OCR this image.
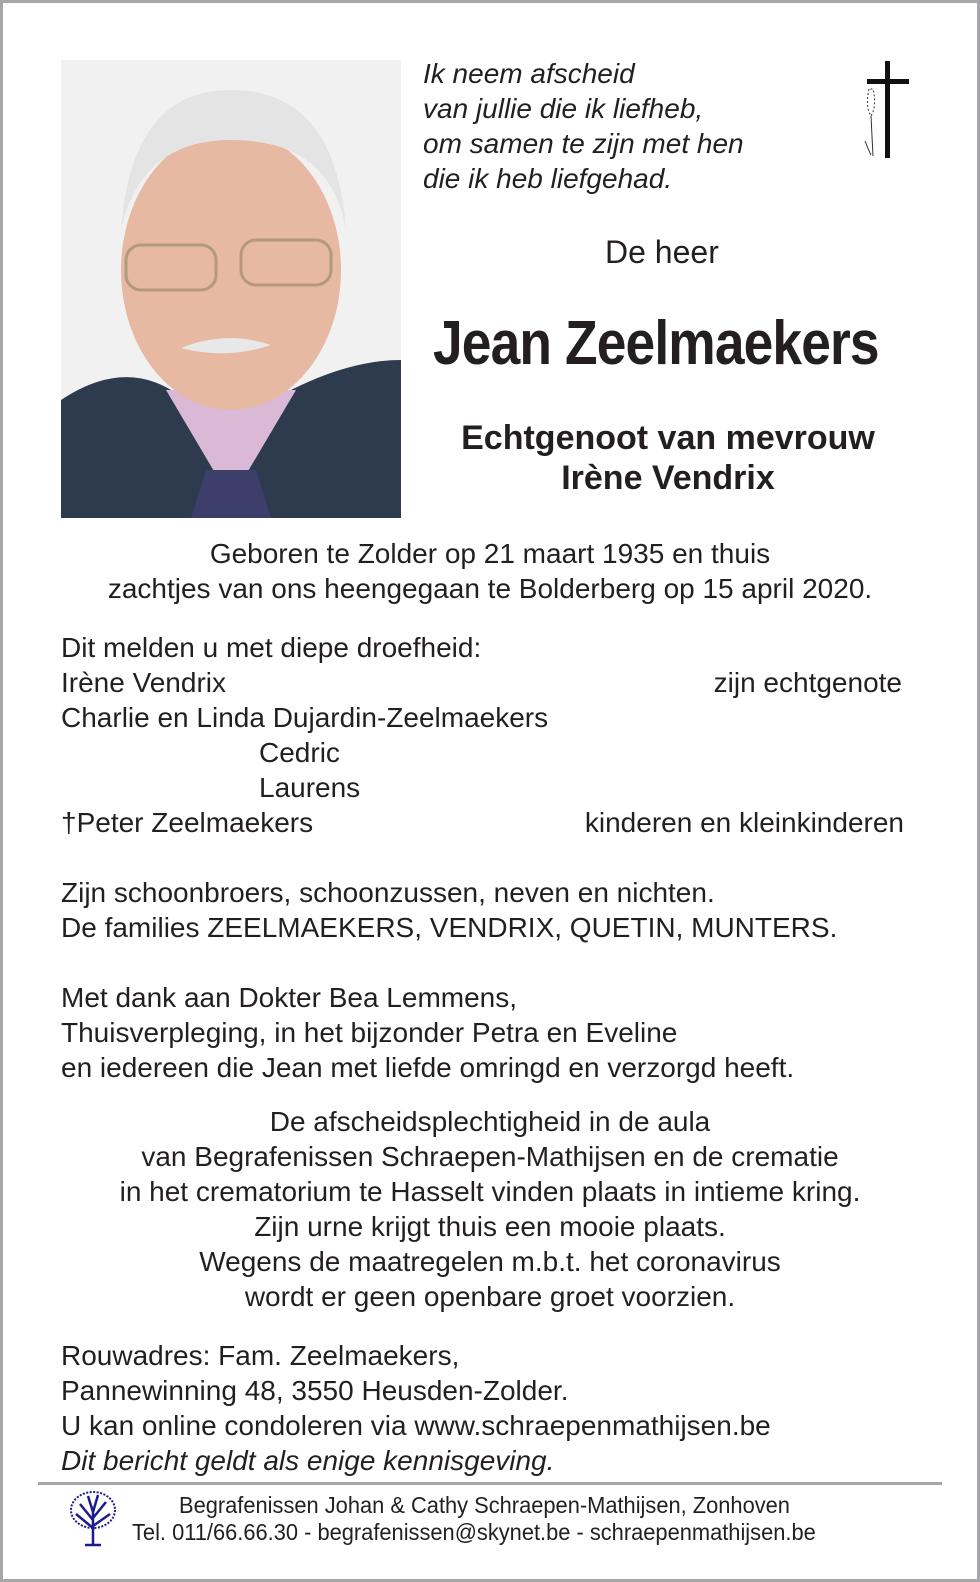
Ik neem afscheid
van jullie die ik liefheb,
om samen te zijn met hen
die ik heb liefgehad.
De heer
Jean Zeelmaekers
Echtgenoot van mevrouw
Irène Vendrix
Geboren te Zolder op 21 maart 1935 en thuis
zachtjes van ons heengegaan te Bolderberg op 15 april 2020.
Dit melden u met diepe droefheid:
Irène Vendrix	zijn echtgenote
Charlie en Linda Dujardin-Zeelmaekers
Cedric
Laurens
†Peter Zeelmaekers	kinderen en kleinkinderen
Zijn schoonbroers, schoonzussen, neven en nichten.
De families ZEELMAEKERS, VENDRIX, QUETIN, MUNTERS.
Met dank aan Dokter Bea Lemmens,
Thuisverpleging, in het bijzonder Petra en Eveline
en iedereen die Jean met liefde omringd en verzorgd heeft.
De afscheidsplechtigheid in de aula
van Begrafenissen Schraepen-Mathijsen en de crematie
in het crematorium te Hasselt vinden plaats in intieme kring.
Zijn urne krijgt thuis een mooie plaats.
Wegens de maatregelen m.b.t. het coronavirus
wordt er geen openbare groet voorzien.
Rouwadres: Fam. Zeelmaekers,
Pannewinning 48, 3550 Heusden-Zolder.
U kan online condoleren via www.schraepenmathijsen.be
Dit bericht geldt als enige kennisgeving.
Begrafenissen Johan & Cathy Schraepen-Mathijsen, Zonhoven
Tel. 011/66.66.30 - begrafenissen@skynet.be - schraepenmathijsen.be
